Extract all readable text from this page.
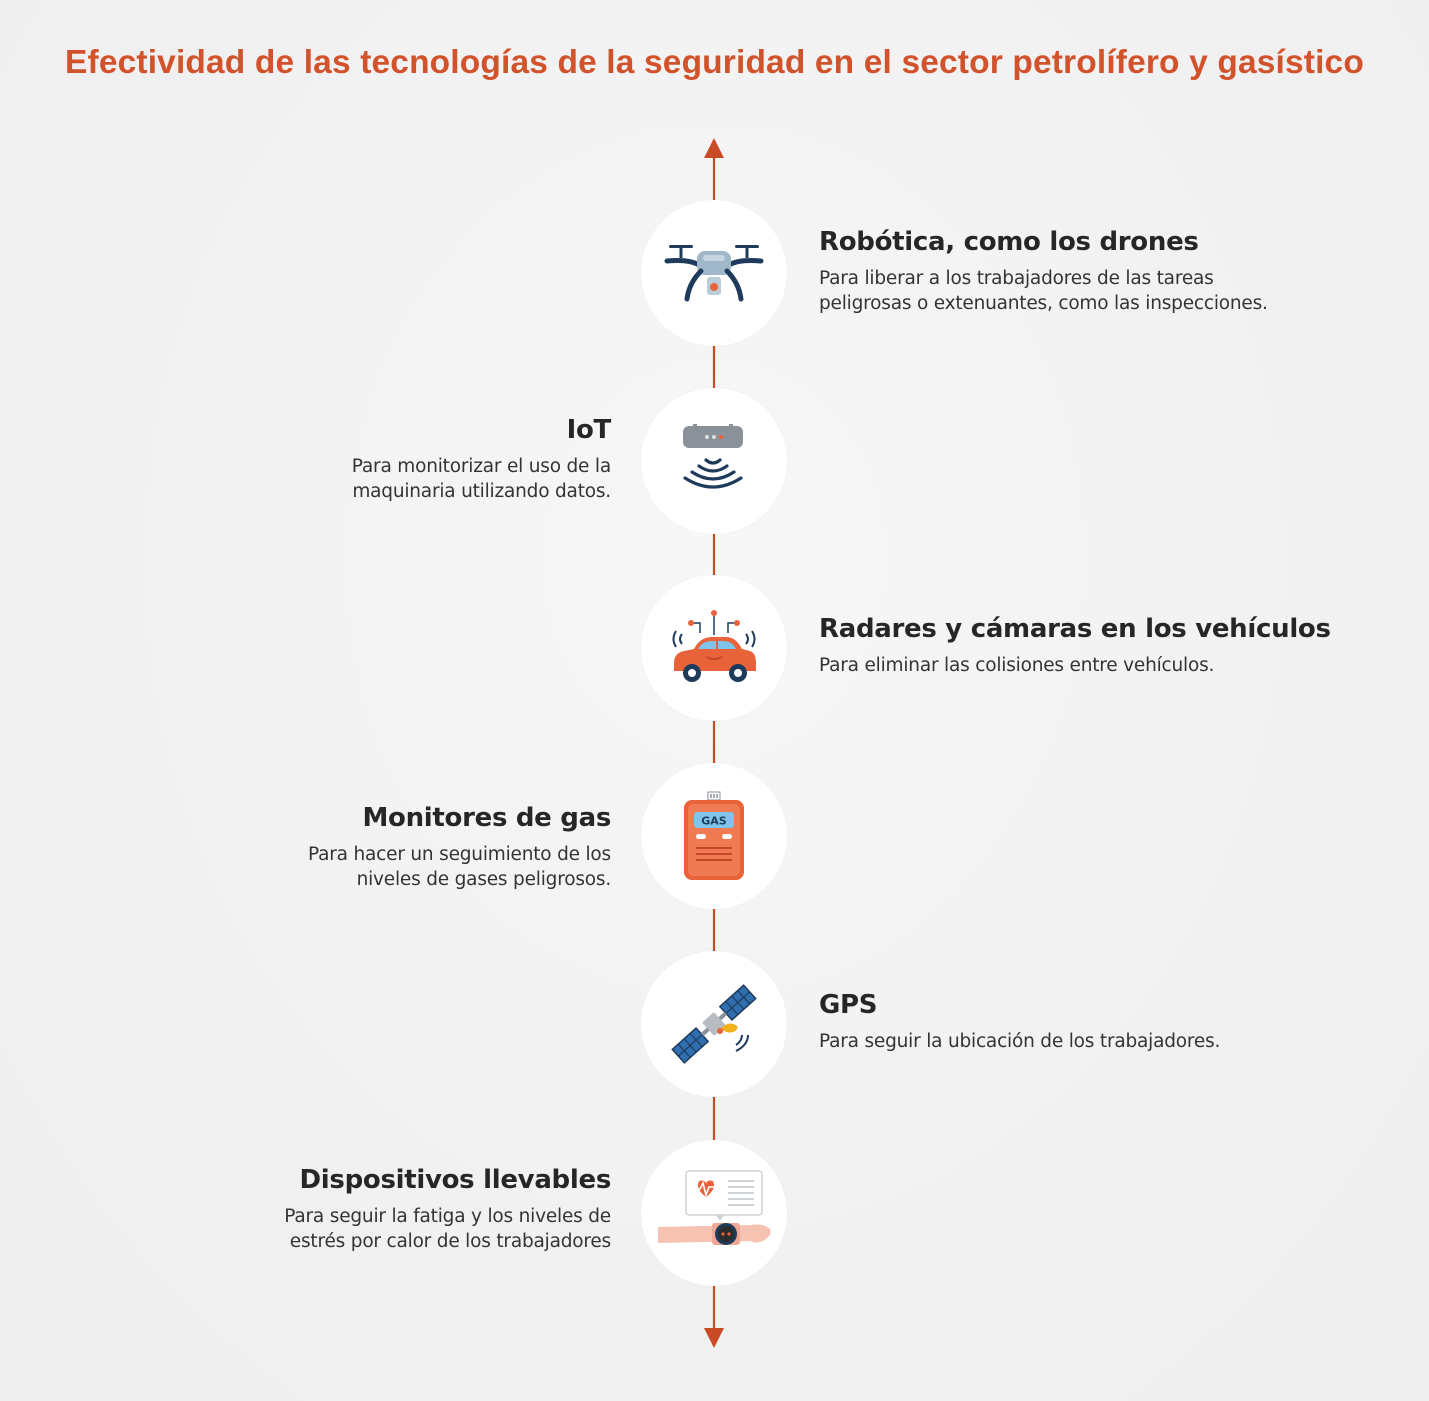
Efectividad de las tecnologías de la seguridad en el sector petrolífero y gasístico
GAS
Robótica, como los drones
Para liberar a los trabajadores de las tareas
peligrosas o extenuantes, como las inspecciones.
IoT
Para monitorizar el uso de la
maquinaria utilizando datos.
Radares y cámaras en los vehículos
Para eliminar las colisiones entre vehículos.
Monitores de gas
Para hacer un seguimiento de los
niveles de gases peligrosos.
GPS
Para seguir la ubicación de los trabajadores.
Dispositivos llevables
Para seguir la fatiga y los niveles de
estrés por calor de los trabajadores
